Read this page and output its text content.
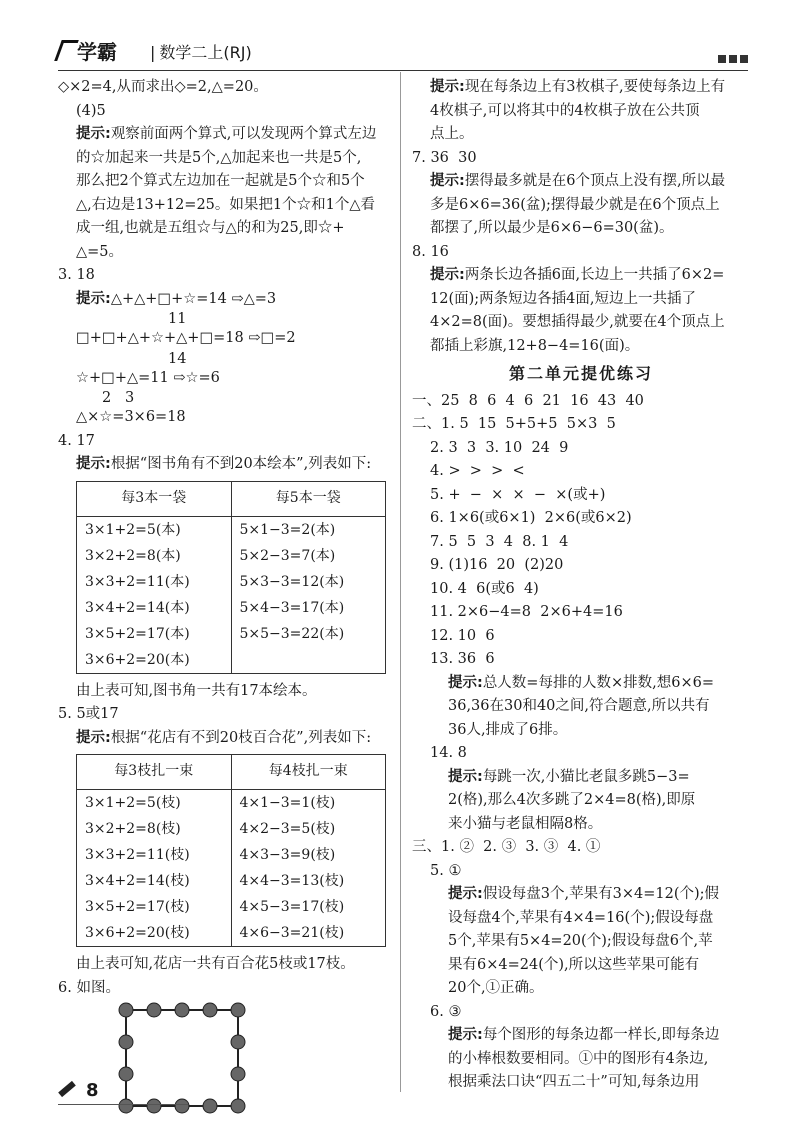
学霸 | 数学二上(RJ)

◇×2=4,从而求出◇=2,△=20。

(4)5

提示:观察前面两个算式,可以发现两个算式左边

的☆加起来一共是5个,△加起来也一共是5个,

那么把2个算式左边加在一起就是5个☆和5个

△,右边是13+12=25。如果把1个☆和1个△看

成一组,也就是五组☆与△的和为25,即☆+

△=5。

3. 18

提示:△+△+□+☆=14 ⇨△=3

11

□+□+△+☆+△+□=18 ⇨□=2

14

☆+□+△=11 ⇨☆=6

2   3

△×☆=3×6=18

4. 17

提示:根据“图书角有不到20本绘本”,列表如下:

每3本一袋	每5本一袋
3×1+2=5(本)	5×1−3=2(本)
3×2+2=8(本)	5×2−3=7(本)
3×3+2=11(本)	5×3−3=12(本)
3×4+2=14(本)	5×4−3=17(本)
3×5+2=17(本)	5×5−3=22(本)
3×6+2=20(本)	

由上表可知,图书角一共有17本绘本。

5. 5或17

提示:根据“花店有不到20枝百合花”,列表如下:

每3枝扎一束	每4枝扎一束
3×1+2=5(枝)	4×1−3=1(枝)
3×2+2=8(枝)	4×2−3=5(枝)
3×3+2=11(枝)	4×3−3=9(枝)
3×4+2=14(枝)	4×4−3=13(枝)
3×5+2=17(枝)	4×5−3=17(枝)
3×6+2=20(枝)	4×6−3=21(枝)

由上表可知,花店一共有百合花5枝或17枝。

6. 如图。

提示:现在每条边上有3枚棋子,要使每条边上有

4枚棋子,可以将其中的4枚棋子放在公共顶

点上。

7. 36  30

提示:摆得最多就是在6个顶点上没有摆,所以最

多是6×6=36(盆);摆得最少就是在6个顶点上

都摆了,所以最少是6×6−6=30(盆)。

8. 16

提示:两条长边各插6面,长边上一共插了6×2=

12(面);两条短边各插4面,短边上一共插了

4×2=8(面)。要想插得最少,就要在4个顶点上

都插上彩旗,12+8−4=16(面)。

第二单元提优练习

一、25  8  6  4  6  21  16  43  40

二、1. 5  15  5+5+5  5×3  5

2. 3  3  3. 10  24  9

4. >  >  >  <

5. +  −  ×  ×  −  ×(或+)

6. 1×6(或6×1)  2×6(或6×2)

7. 5  5  3  4  8. 1  4

9. (1)16  20  (2)20

10. 4  6(或6  4)

11. 2×6−4=8  2×6+4=16

12. 10  6

13. 36  6

提示:总人数=每排的人数×排数,想6×6=

36,36在30和40之间,符合题意,所以共有

36人,排成了6排。

14. 8

提示:每跳一次,小猫比老鼠多跳5−3=

2(格),那么4次多跳了2×4=8(格),即原

来小猫与老鼠相隔8格。

三、1. ②  2. ③  3. ③  4. ①

5. ①

提示:假设每盘3个,苹果有3×4=12(个);假

设每盘4个,苹果有4×4=16(个);假设每盘

5个,苹果有5×4=20(个);假设每盘6个,苹

果有6×4=24(个),所以这些苹果可能有

20个,①正确。

6. ③

提示:每个图形的每条边都一样长,即每条边

的小棒根数要相同。①中的图形有4条边,

根据乘法口诀“四五二十”可知,每条边用

8
